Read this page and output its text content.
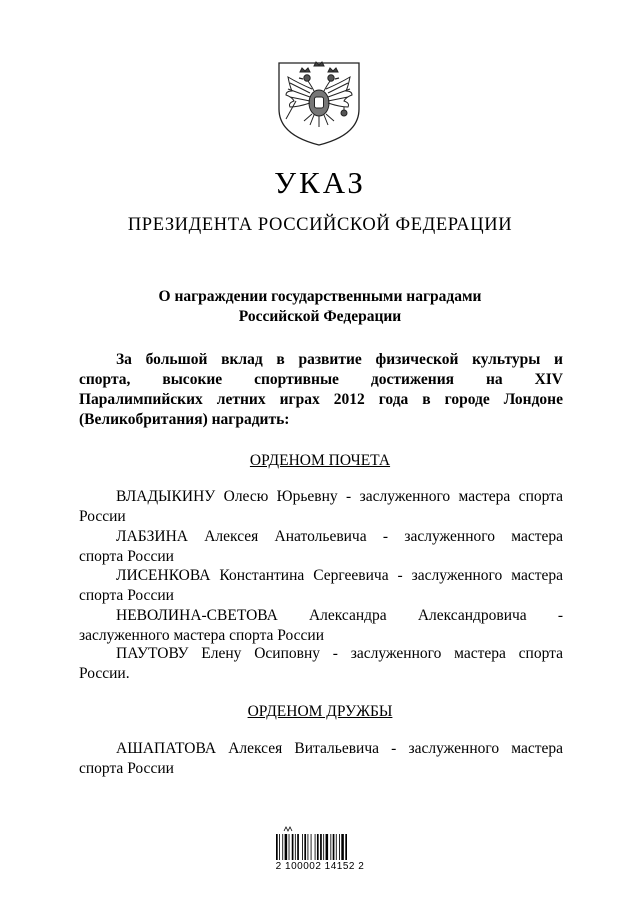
УКАЗ
ПРЕЗИДЕНТА РОССИЙСКОЙ ФЕДЕРАЦИИ
О награждении государственными наградами
Российской Федерации
За большой вклад в развитие физической культуры и
спорта, высокие спортивные достижения на XIV
Паралимпийских летних играх 2012 года в городе Лондоне
(Великобритания) наградить:
ОРДЕНОМ ПОЧЕТА
ВЛАДЫКИНУ Олесю Юрьевну - заслуженного мастера спорта
России
ЛАБЗИНА Алексея Анатольевича - заслуженного мастера
спорта России
ЛИСЕНКОВА Константина Сергеевича - заслуженного мастера
спорта России
НЕВОЛИНА-СВЕТОВА Александра Александровича -
заслуженного мастера спорта России
ПАУТОВУ Елену Осиповну - заслуженного мастера спорта
России.
ОРДЕНОМ ДРУЖБЫ
АШАПАТОВА Алексея Витальевича - заслуженного мастера
спорта России
2 100002 14152 2
